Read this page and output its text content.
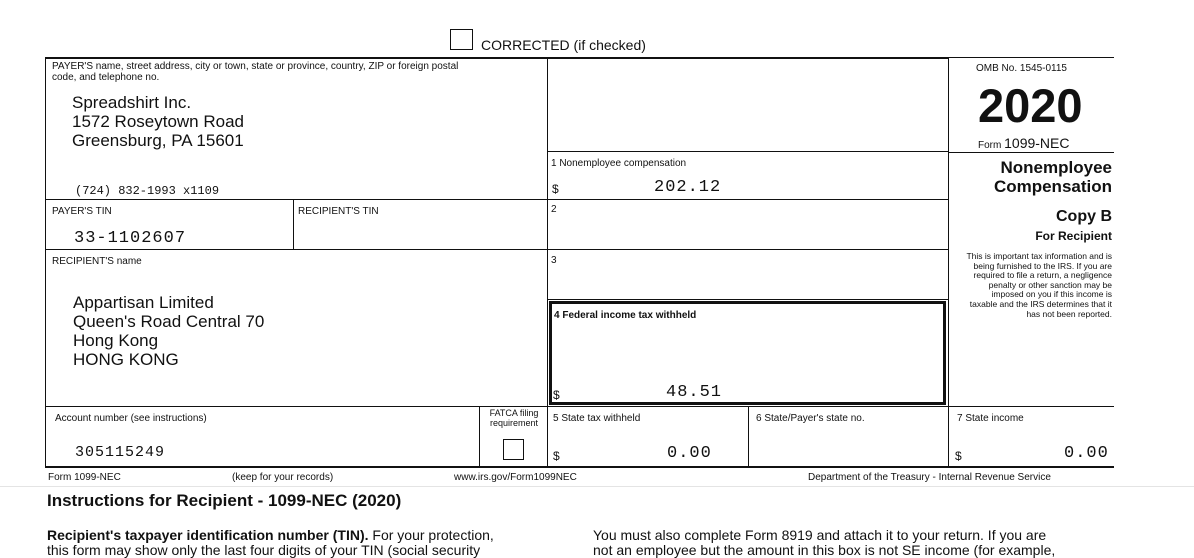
CORRECTED (if checked)
PAYER'S name, street address, city or town, state or province, country, ZIP or foreign postal code, and telephone no.
Spreadshirt Inc.
1572 Roseytown Road
Greensburg, PA 15601
(724) 832-1993 x1109
OMB No. 1545-0115
2020
Form 1099-NEC
Nonemployee
Compensation
Copy B
For Recipient
This is important tax information and is being furnished to the IRS. If you are required to file a return, a negligence penalty or other sanction may be imposed on you if this income is taxable and the IRS determines that it has not been reported.
1 Nonemployee compensation
$	202.12
PAYER'S TIN
33-1102607
RECIPIENT'S TIN	2
3
RECIPIENT'S name
Appartisan Limited
Queen's Road Central 70
Hong Kong
HONG KONG
4 Federal income tax withheld
$	48.51
Account number (see instructions)
305115249
FATCA filing requirement	5 State tax withheld
$	0.00
6 State/Payer's state no.	7 State income
$	0.00
Form 1099-NEC	(keep for your records)	www.irs.gov/Form1099NEC	Department of the Treasury - Internal Revenue Service
Instructions for Recipient - 1099-NEC (2020)
Recipient's taxpayer identification number (TIN). For your protection,
this form may show only the last four digits of your TIN (social security
You must also complete Form 8919 and attach it to your return. If you are
not an employee but the amount in this box is not SE income (for example,
